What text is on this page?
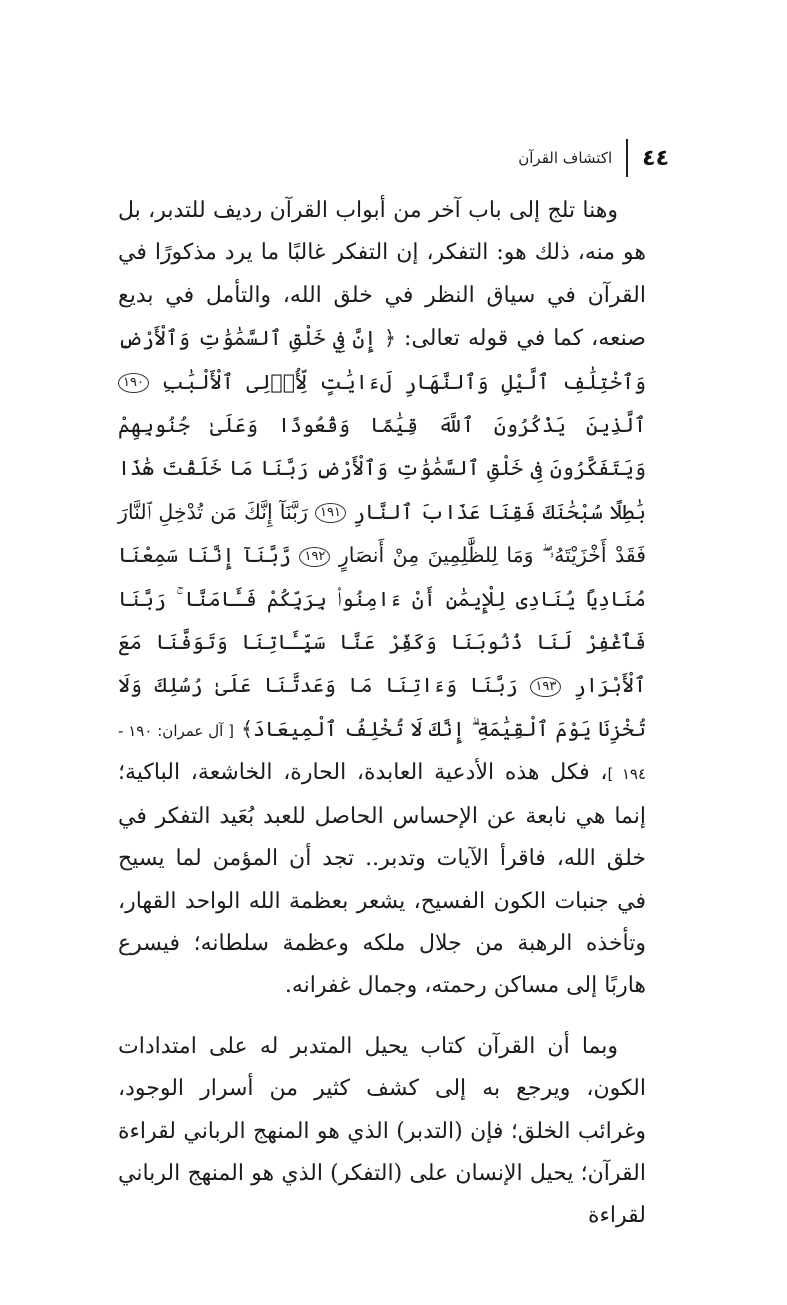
٤٤
اكتشاف القرآن

وهنا تلج إلى باب آخر من أبواب القرآن رديف للتدبر، بل هو منه، ذلك هو: التفكر، إن التفكر غالبًا ما يرد مذكورًا في القرآن في سياق النظر في خلق الله، والتأمل في بديع صنعه، كما في قوله تعالى: ﴿ إِنَّ فِي خَلْقِ ٱلسَّمَٰوَٰتِ وَٱلْأَرْضِ وَٱخْتِلَٰفِ ٱلَّيْلِ وَٱلنَّهَارِ لَءَايَٰتٍ لِّأُو۟لِى ٱلْأَلْبَٰبِ ١٩٠ ٱلَّذِينَ يَذْكُرُونَ ٱللَّهَ قِيَٰمًا وَقُعُودًا وَعَلَىٰ جُنُوبِهِمْ وَيَتَفَكَّرُونَ فِى خَلْقِ ٱلسَّمَٰوَٰتِ وَٱلْأَرْضِ رَبَّنَا مَا خَلَقْتَ هَٰذَا بَٰطِلًا سُبْحَٰنَكَ فَقِنَا عَذَابَ ٱلنَّارِ ١٩١ رَبَّنَآ إِنَّكَ مَن تُدْخِلِ ٱلنَّارَ فَقَدْ أَخْزَيْتَهُۥ ۖ وَمَا لِلظَّٰلِمِينَ مِنْ أَنصَارٍ ١٩٢ رَّبَّنَآ إِنَّنَا سَمِعْنَا مُنَادِيًا يُنَادِى لِلْإِيمَٰنِ أَنْ ءَامِنُوا۟ بِرَبِّكُمْ فَـَٔامَنَّا ۚ رَبَّنَا فَٱغْفِرْ لَنَا ذُنُوبَنَا وَكَفِّرْ عَنَّا سَيِّـَٔاتِنَا وَتَوَفَّنَا مَعَ ٱلْأَبْرَارِ ١٩٣ رَبَّنَا وَءَاتِنَا مَا وَعَدتَّنَا عَلَىٰ رُسُلِكَ وَلَا تُخْزِنَا يَوْمَ ٱلْقِيَٰمَةِ ۗ إِنَّكَ لَا تُخْلِفُ ٱلْمِيعَادَ﴾ [ آل عمران: ١٩٠ - ١٩٤ ]، فكل هذه الأدعية العابدة، الحارة، الخاشعة، الباكية؛ إنما هي نابعة عن الإحساس الحاصل للعبد بُعَيد التفكر في خلق الله، فاقرأ الآيات وتدبر.. تجد أن المؤمن لما يسيح في جنبات الكون الفسيح، يشعر بعظمة الله الواحد القهار، وتأخذه الرهبة من جلال ملكه وعظمة سلطانه؛ فيسرع هاربًا إلى مساكن رحمته، وجمال غفرانه.

وبما أن القرآن كتاب يحيل المتدبر له على امتدادات الكون، ويرجع به إلى كشف كثير من أسرار الوجود، وغرائب الخلق؛ فإن (التدبر) الذي هو المنهج الرباني لقراءة القرآن؛ يحيل الإنسان على (التفكر) الذي هو المنهج الرباني لقراءة
